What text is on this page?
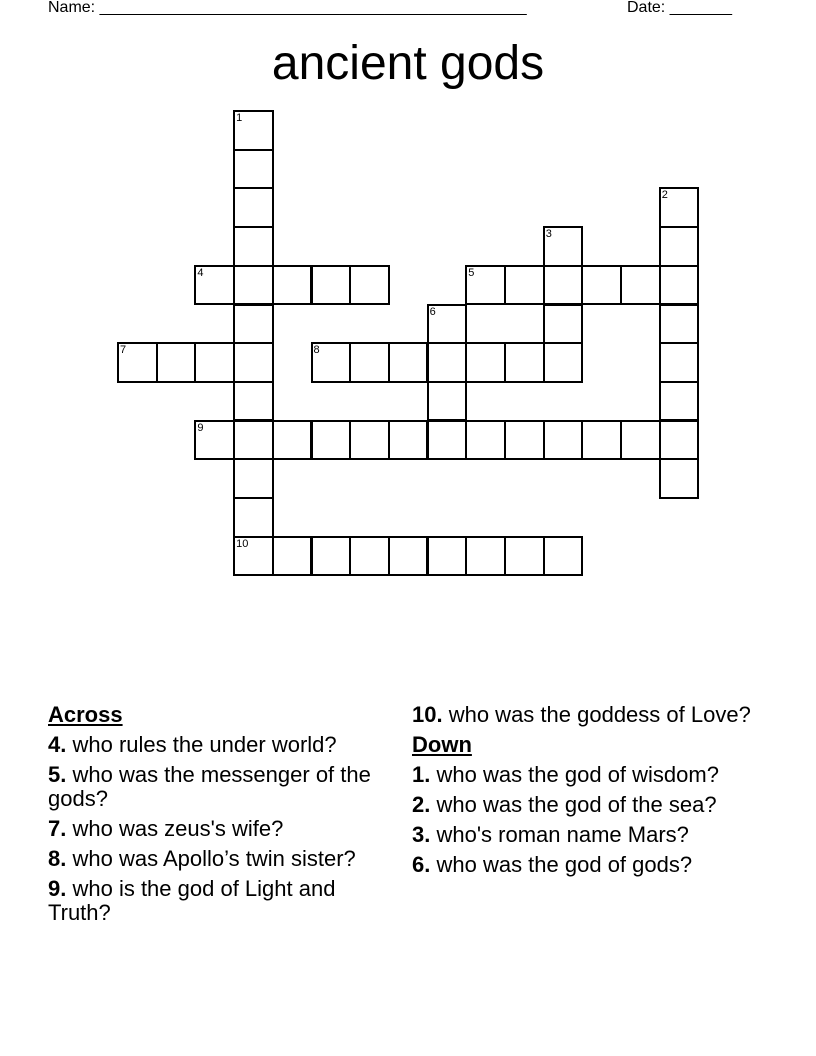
Name: ________________________________________________	Date: _______
ancient gods
1
10
2
3
4	5
6
7	8
9
Across
4. who rules the under world?
5. who was the messenger of the gods?
7. who was zeus's wife?
8. who was Apollo’s twin sister?
9. who is the god of Light and Truth?
10. who was the goddess of Love?
Down
1. who was the god of wisdom?
2. who was the god of the sea?
3. who's roman name Mars?
6. who was the god of gods?
